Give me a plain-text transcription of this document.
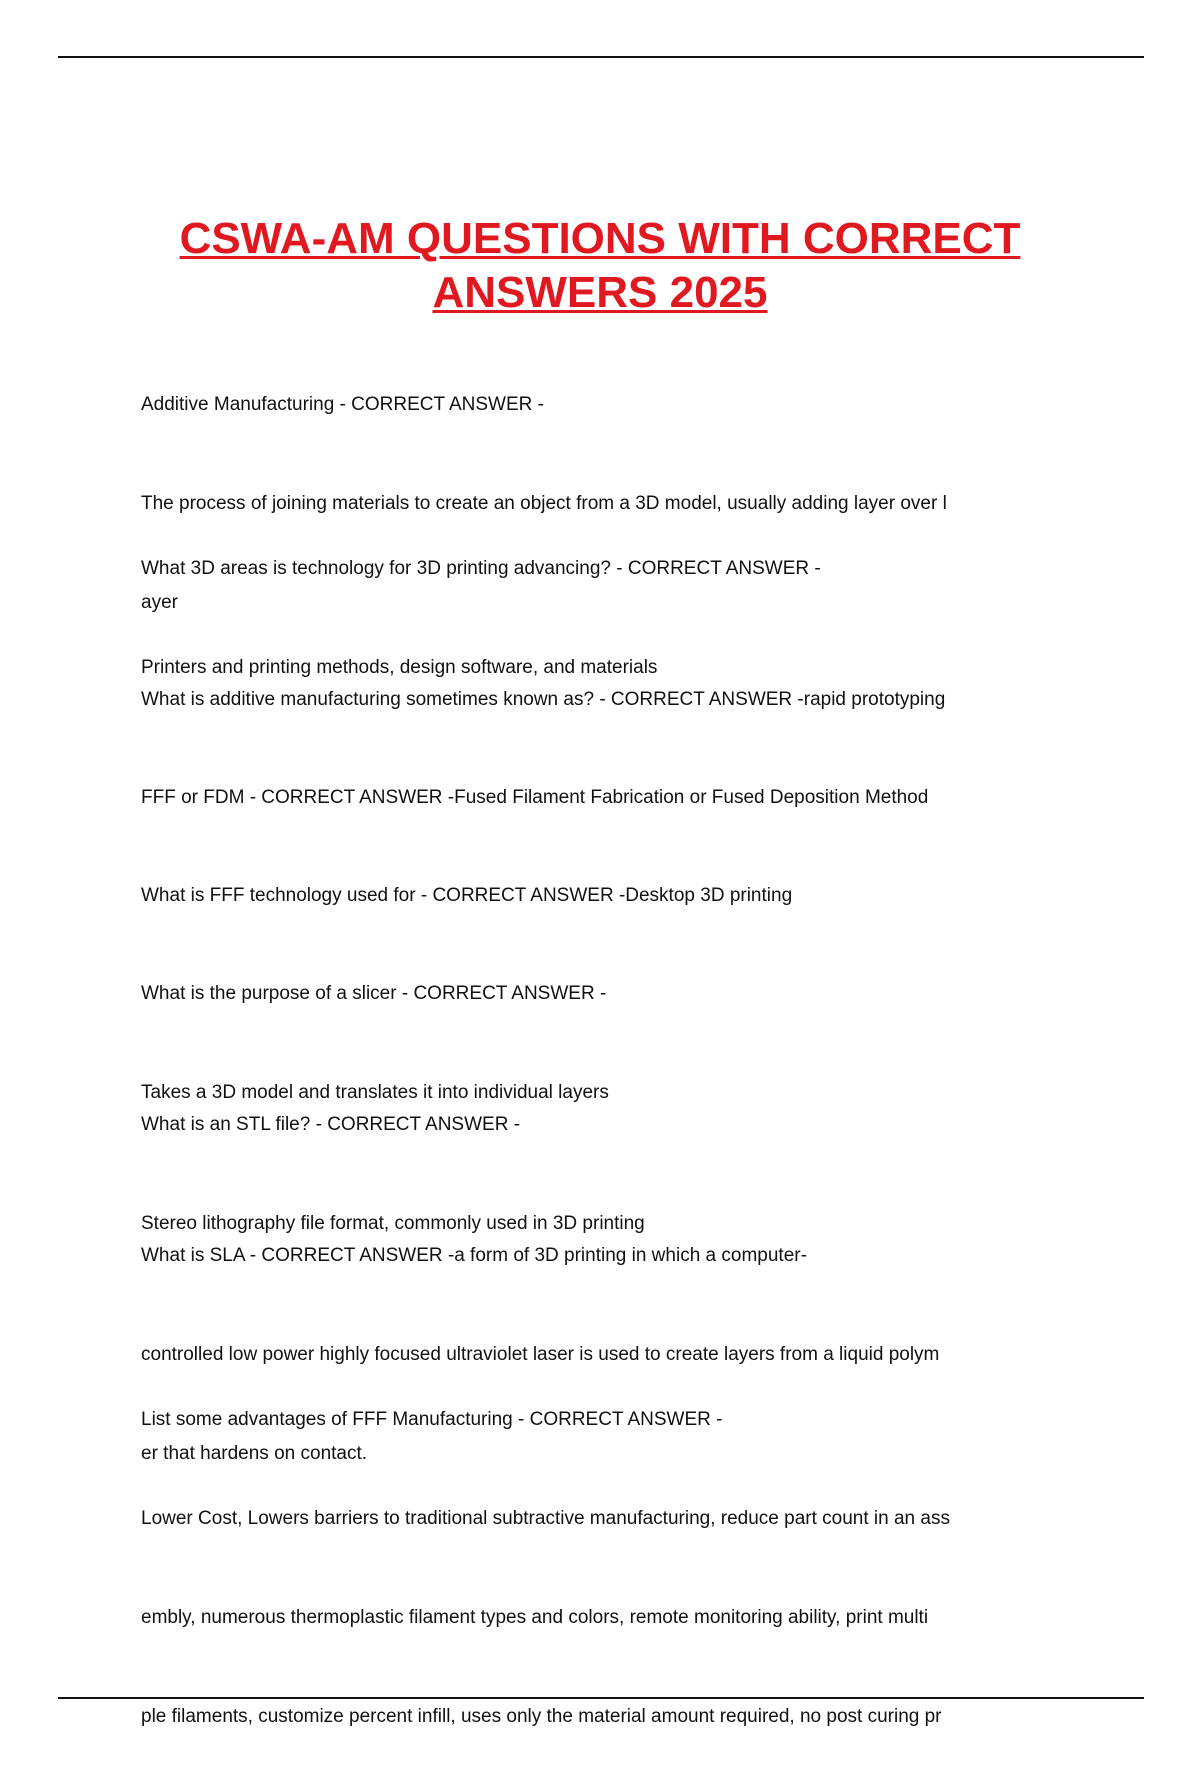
CSWA-AM QUESTIONS WITH CORRECT
ANSWERS 2025

Additive Manufacturing - CORRECT ANSWER -

The process of joining materials to create an object from a 3D model, usually adding layer over l

ayer

What 3D areas is technology for 3D printing advancing? - CORRECT ANSWER -

Printers and printing methods, design software, and materials

What is additive manufacturing sometimes known as? - CORRECT ANSWER -rapid prototyping

FFF or FDM - CORRECT ANSWER -Fused Filament Fabrication or Fused Deposition Method

What is FFF technology used for - CORRECT ANSWER -Desktop 3D printing

What is the purpose of a slicer - CORRECT ANSWER -

Takes a 3D model and translates it into individual layers

What is an STL file? - CORRECT ANSWER -

Stereo lithography file format, commonly used in 3D printing

What is SLA - CORRECT ANSWER -a form of 3D printing in which a computer-

controlled low power highly focused ultraviolet laser is used to create layers from a liquid polym

er that hardens on contact.

List some advantages of FFF Manufacturing - CORRECT ANSWER -

Lower Cost, Lowers barriers to traditional subtractive manufacturing, reduce part count in an ass

embly, numerous thermoplastic filament types and colors, remote monitoring ability, print multi

ple filaments, customize percent infill, uses only the material amount required, no post curing pr
